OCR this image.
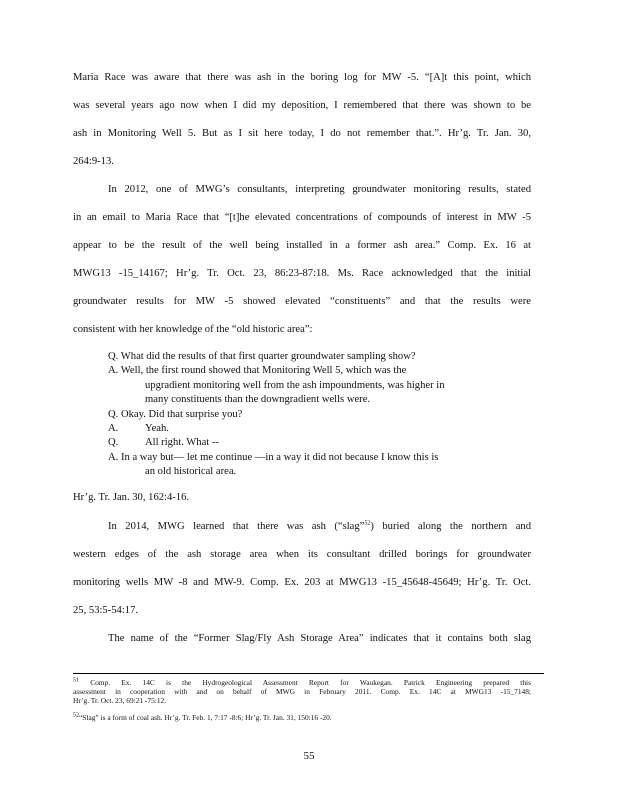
Maria Race was aware that there was ash in the boring log for MW -5. “[A]t this point, which
was several years ago now when I did my deposition, I remembered that there was shown to be
ash in Monitoring Well 5. But as I sit here today, I do not remember that.”. Hr’g. Tr. Jan. 30,
264:9-13.
In 2012, one of MWG’s consultants, interpreting groundwater monitoring results, stated
in an email to Maria Race that “[t]he elevated concentrations of compounds of interest in MW -5
appear to be the result of the well being installed in a former ash area.” Comp. Ex. 16 at
MWG13 -15_14167; Hr’g. Tr. Oct. 23, 86:23-87:18. Ms. Race acknowledged that the initial
groundwater results for MW -5 showed elevated “constituents” and that the results were
consistent with her knowledge of the “old historic area”:
Q. What did the results of that first quarter groundwater sampling show?
A. Well, the first round showed that Monitoring Well 5, which was the
upgradient monitoring well from the ash impoundments, was higher in
many constituents than the downgradient wells were.
Q. Okay. Did that surprise you?
A.	Yeah.
Q.	All right. What --
A. In a way but— let me continue —in a way it did not because I know this is
an old historical area.
Hr’g. Tr. Jan. 30, 162:4-16.
In 2014, MWG learned that there was ash (“slag”$^{52}$) buried along the northern and
western edges of the ash storage area when its consultant drilled borings for groundwater
monitoring wells MW -8 and MW-9. Comp. Ex. 203 at MWG13 -15_45648-45649; Hr’g. Tr. Oct.
25, 53:5-54:17.
The name of the “Former Slag/Fly Ash Storage Area” indicates that it contains both slag
$^{51}$ Comp. Ex. 14C is the Hydrogeological Assessment Report for Waukegan. Patrick Engineering prepared this
assessment in cooperation with and on behalf of MWG in February 2011. Comp. Ex. 14C at MWG13 -15_7148;
Hr’g. Tr. Oct. 23, 69:21 -75:12.
$^{52}$“Slag” is a form of coal ash. Hr’g. Tr. Feb. 1, 7:17 -8:6; Hr’g. Tr. Jan. 31, 150:16 -20.
55
